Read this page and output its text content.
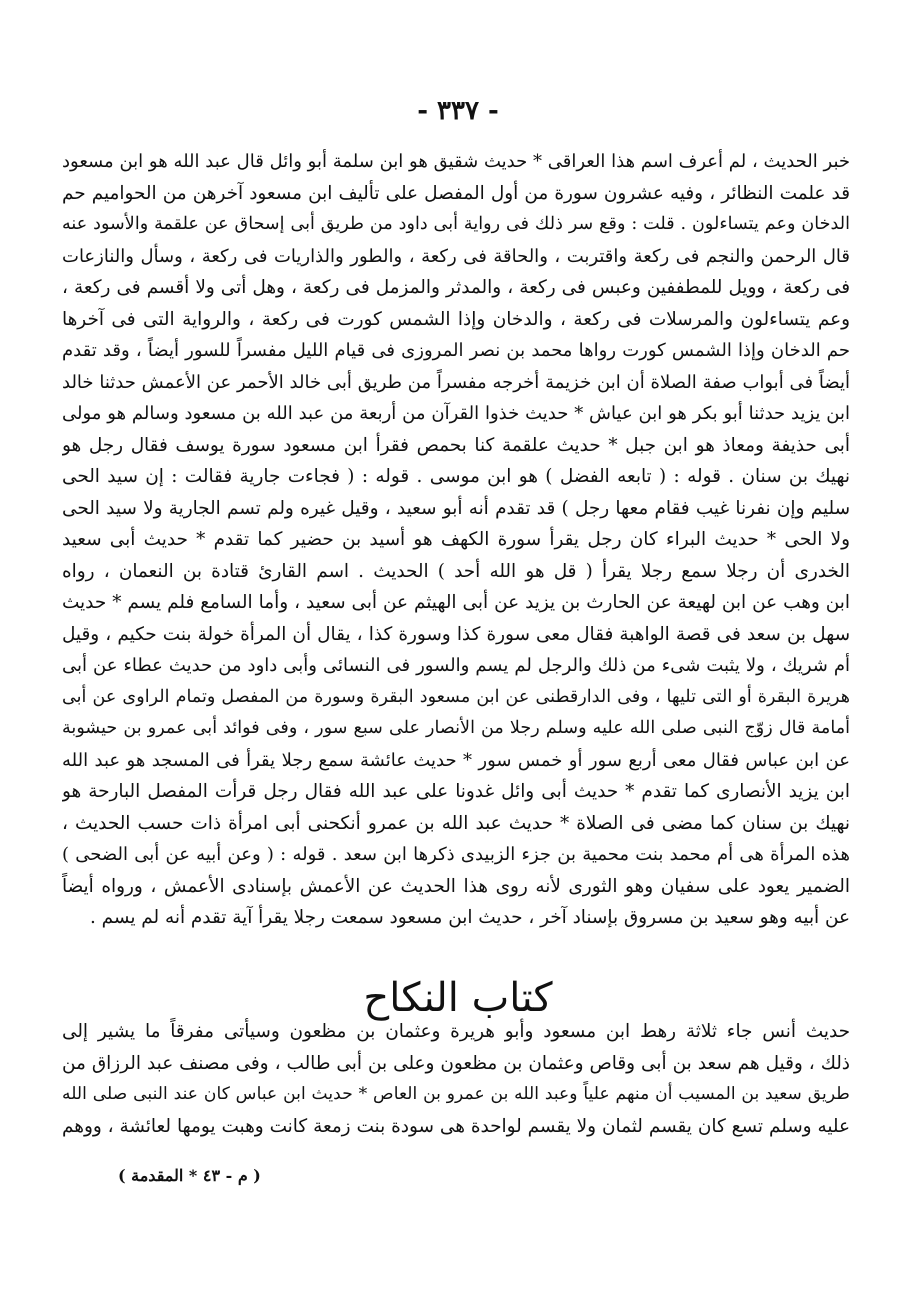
- ٣٣٧ -
خبر الحديث ، لم أعرف اسم هذا العراقى * حديث شقيق هو ابن سلمة أبو وائل قال عبد الله هو ابن مسعود
قد علمت النظائر ، وفيه عشرون سورة من أول المفصل على تأليف ابن مسعود آخرهن من الحواميم حم
الدخان وعم يتساءلون . قلت : وقع سر ذلك فى رواية أبى داود من طريق أبى إسحاق عن علقمة والأسود عنه
قال الرحمن والنجم فى ركعة واقتربت ، والحاقة فى ركعة ، والطور والذاريات فى ركعة ، وسأل والنازعات
فى ركعة ، وويل للمطففين وعبس فى ركعة ، والمدثر والمزمل فى ركعة ، وهل أتى ولا أقسم فى ركعة ،
وعم يتساءلون والمرسلات فى ركعة ، والدخان وإذا الشمس كورت فى ركعة ، والرواية التى فى آخرها
حم الدخان وإذا الشمس كورت رواها محمد بن نصر المروزى فى قيام الليل مفسراً للسور أيضاً ، وقد تقدم
أيضاً فى أبواب صفة الصلاة أن ابن خزيمة أخرجه مفسراً من طريق أبى خالد الأحمر عن الأعمش حدثنا خالد
ابن يزيد حدثنا أبو بكر هو ابن عياش * حديث خذوا القرآن من أربعة من عبد الله بن مسعود وسالم هو مولى
أبى حذيفة ومعاذ هو ابن جبل * حديث علقمة كنا بحمص فقرأ ابن مسعود سورة يوسف فقال رجل هو
نهيك بن سنان . قوله : ( تابعه الفضل ) هو ابن موسى . قوله : ( فجاءت جارية فقالت : إن سيد الحى
سليم وإن نفرنا غيب فقام معها رجل ) قد تقدم أنه أبو سعيد ، وقيل غيره ولم تسم الجارية ولا سيد الحى
ولا الحى * حديث البراء كان رجل يقرأ سورة الكهف هو أسيد بن حضير كما تقدم * حديث أبى سعيد
الخدرى أن رجلا سمع رجلا يقرأ ( قل هو الله أحد ) الحديث . اسم القارئ قتادة بن النعمان ، رواه
ابن وهب عن ابن لهيعة عن الحارث بن يزيد عن أبى الهيثم عن أبى سعيد ، وأما السامع فلم يسم * حديث
سهل بن سعد فى قصة الواهبة فقال معى سورة كذا وسورة كذا ، يقال أن المرأة خولة بنت حكيم ، وقيل
أم شريك ، ولا يثبت شىء من ذلك والرجل لم يسم والسور فى النسائى وأبى داود من حديث عطاء عن أبى
هريرة البقرة أو التى تليها ، وفى الدارقطنى عن ابن مسعود البقرة وسورة من المفصل وتمام الراوى عن أبى
أمامة قال زوّج النبى صلى الله عليه وسلم رجلا من الأنصار على سبع سور ، وفى فوائد أبى عمرو بن حيشوبة
عن ابن عباس فقال معى أربع سور أو خمس سور * حديث عائشة سمع رجلا يقرأ فى المسجد هو عبد الله
ابن يزيد الأنصارى كما تقدم * حديث أبى وائل غدونا على عبد الله فقال رجل قرأت المفصل البارحة هو
نهيك بن سنان كما مضى فى الصلاة * حديث عبد الله بن عمرو أنكحنى أبى امرأة ذات حسب الحديث ،
هذه المرأة هى أم محمد بنت محمية بن جزء الزبيدى ذكرها ابن سعد . قوله : ( وعن أبيه عن أبى الضحى )
الضمير يعود على سفيان وهو الثورى لأنه روى هذا الحديث عن الأعمش بإسنادى الأعمش ، ورواه أيضاً
عن أبيه وهو سعيد بن مسروق بإسناد آخر ، حديث ابن مسعود سمعت رجلا يقرأ آية تقدم أنه لم يسم .
كتاب النكاح
حديث أنس جاء ثلاثة رهط ابن مسعود وأبو هريرة وعثمان بن مظعون وسيأتى مفرقاً ما يشير إلى
ذلك ، وقيل هم سعد بن أبى وقاص وعثمان بن مظعون وعلى بن أبى طالب ، وفى مصنف عبد الرزاق من
طريق سعيد بن المسيب أن منهم علياً وعبد الله بن عمرو بن العاص * حديث ابن عباس كان عند النبى صلى الله
عليه وسلم تسع كان يقسم لثمان ولا يقسم لواحدة هى سودة بنت زمعة كانت وهبت يومها لعائشة ، ووهم
( م - ٤٣ * المقدمة )
